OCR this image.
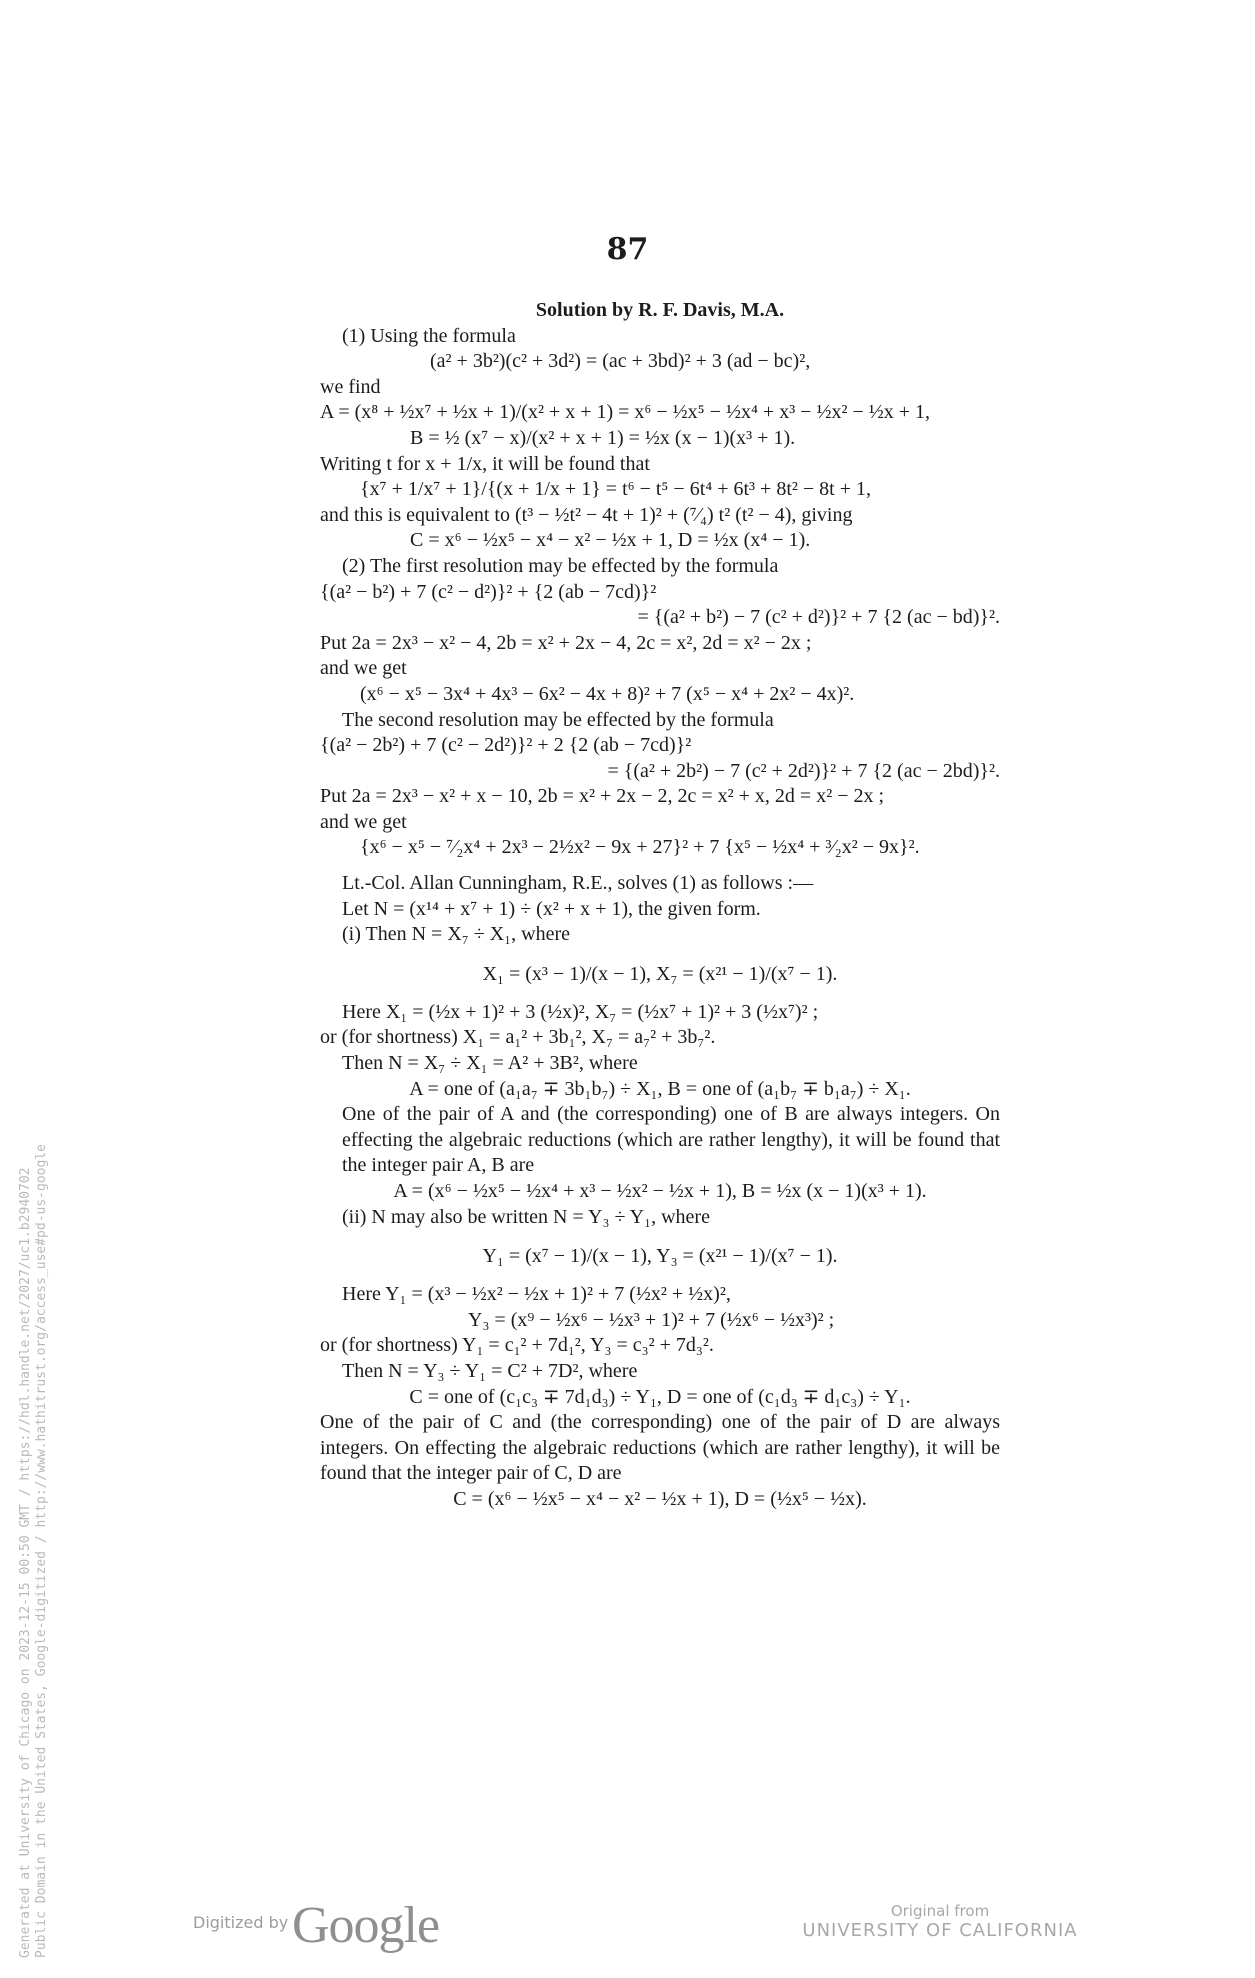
Generated at University of Chicago on 2023-12-15 00:50 GMT / https://hdl.handle.net/2027/uc1.b2940702 Public Domain in the United States, Google-digitized / http://www.hathitrust.org/access_use#pd-us-google
87
Solution by R. F. Davis, M.A.
(1) Using the formula
(a² + 3b²)(c² + 3d²) = (ac + 3bd)² + 3 (ad − bc)²,
we find
A = (x⁸ + ½x⁷ + ½x + 1)/(x² + x + 1) = x⁶ − ½x⁵ − ½x⁴ + x³ − ½x² − ½x + 1,
B = ½ (x⁷ − x)/(x² + x + 1) = ½x (x − 1)(x³ + 1).
Writing t for x + 1/x, it will be found that
{x⁷ + 1/x⁷ + 1}/{(x + 1/x + 1} = t⁶ − t⁵ − 6t⁴ + 6t³ + 8t² − 8t + 1,
and this is equivalent to (t³ − ½t² − 4t + 1)² + (⁷⁄₄) t² (t² − 4), giving
C = x⁶ − ½x⁵ − x⁴ − x² − ½x + 1, D = ½x (x⁴ − 1).
(2) The first resolution may be effected by the formula
{(a² − b²) + 7 (c² − d²)}² + {2 (ab − 7cd)}²
= {(a² + b²) − 7 (c² + d²)}² + 7 {2 (ac − bd)}².
Put 2a = 2x³ − x² − 4, 2b = x² + 2x − 4, 2c = x², 2d = x² − 2x ;
and we get
(x⁶ − x⁵ − 3x⁴ + 4x³ − 6x² − 4x + 8)² + 7 (x⁵ − x⁴ + 2x² − 4x)².
The second resolution may be effected by the formula
{(a² − 2b²) + 7 (c² − 2d²)}² + 2 {2 (ab − 7cd)}²
= {(a² + 2b²) − 7 (c² + 2d²)}² + 7 {2 (ac − 2bd)}².
Put 2a = 2x³ − x² + x − 10, 2b = x² + 2x − 2, 2c = x² + x, 2d = x² − 2x ;
and we get
{x⁶ − x⁵ − ⁷⁄₂x⁴ + 2x³ − 2½x² − 9x + 27}² + 7 {x⁵ − ½x⁴ + ³⁄₂x² − 9x}².
Lt.-Col. Allan Cunningham, R.E., solves (1) as follows :—
Let N = (x¹⁴ + x⁷ + 1) ÷ (x² + x + 1), the given form.
(i) Then N = X₇ ÷ X₁, where
X₁ = (x³ − 1)/(x − 1), X₇ = (x²¹ − 1)/(x⁷ − 1).
Here X₁ = (½x + 1)² + 3 (½x)², X₇ = (½x⁷ + 1)² + 3 (½x⁷)² ;
or (for shortness) X₁ = a₁² + 3b₁², X₇ = a₇² + 3b₇².
Then N = X₇ ÷ X₁ = A² + 3B², where
A = one of (a₁a₇ ∓ 3b₁b₇) ÷ X₁, B = one of (a₁b₇ ∓ b₁a₇) ÷ X₁.
One of the pair of A and (the corresponding) one of B are always integers. On effecting the algebraic reductions (which are rather lengthy), it will be found that the integer pair A, B are
A = (x⁶ − ½x⁵ − ½x⁴ + x³ − ½x² − ½x + 1), B = ½x (x − 1)(x³ + 1).
(ii) N may also be written N = Y₃ ÷ Y₁, where
Y₁ = (x⁷ − 1)/(x − 1), Y₃ = (x²¹ − 1)/(x⁷ − 1).
Here Y₁ = (x³ − ½x² − ½x + 1)² + 7 (½x² + ½x)²,
Y₃ = (x⁹ − ½x⁶ − ½x³ + 1)² + 7 (½x⁶ − ½x³)² ;
or (for shortness) Y₁ = c₁² + 7d₁², Y₃ = c₃² + 7d₃².
Then N = Y₃ ÷ Y₁ = C² + 7D², where
C = one of (c₁c₃ ∓ 7d₁d₃) ÷ Y₁, D = one of (c₁d₃ ∓ d₁c₃) ÷ Y₁.
One of the pair of C and (the corresponding) one of the pair of D are always integers. On effecting the algebraic reductions (which are rather lengthy), it will be found that the integer pair of C, D are
C = (x⁶ − ½x⁵ − x⁴ − x² − ½x + 1), D = (½x⁵ − ½x).
Digitized by Google	Original from
UNIVERSITY OF CALIFORNIA
